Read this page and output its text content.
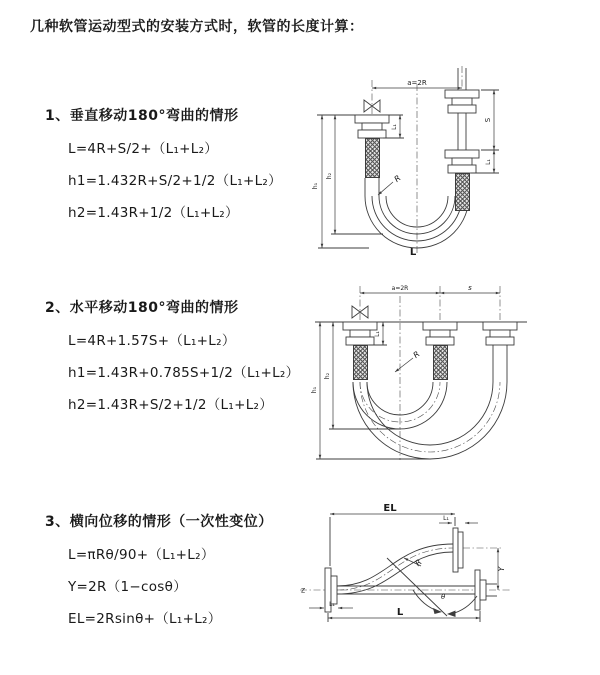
几种软管运动型式的安装方式时，软管的长度计算：
1、垂直移动180°弯曲的情形

L=4R+S/2+（L₁+L₂）

h1=1.432R+S/2+1/2（L₁+L₂）

h2=1.43R+1/2（L₁+L₂）

2、水平移动180°弯曲的情形

L=4R+1.57S+（L₁+L₂）

h1=1.43R+0.785S+1/2（L₁+L₂）

h2=1.43R+S/2+1/2（L₁+L₂）

3、横向位移的情形（一次性变位）

L=πRθ/90+（L₁+L₂）

Y=2R（1−cosθ）

EL=2Rsinθ+（L₁+L₂）

a=2R
h₁
h₂
S
L₁
L₁
R
L
a=2R	s
h₁
h₂
L₁
R
EL
L₁
Y
L
L₁
θ
R
Z
